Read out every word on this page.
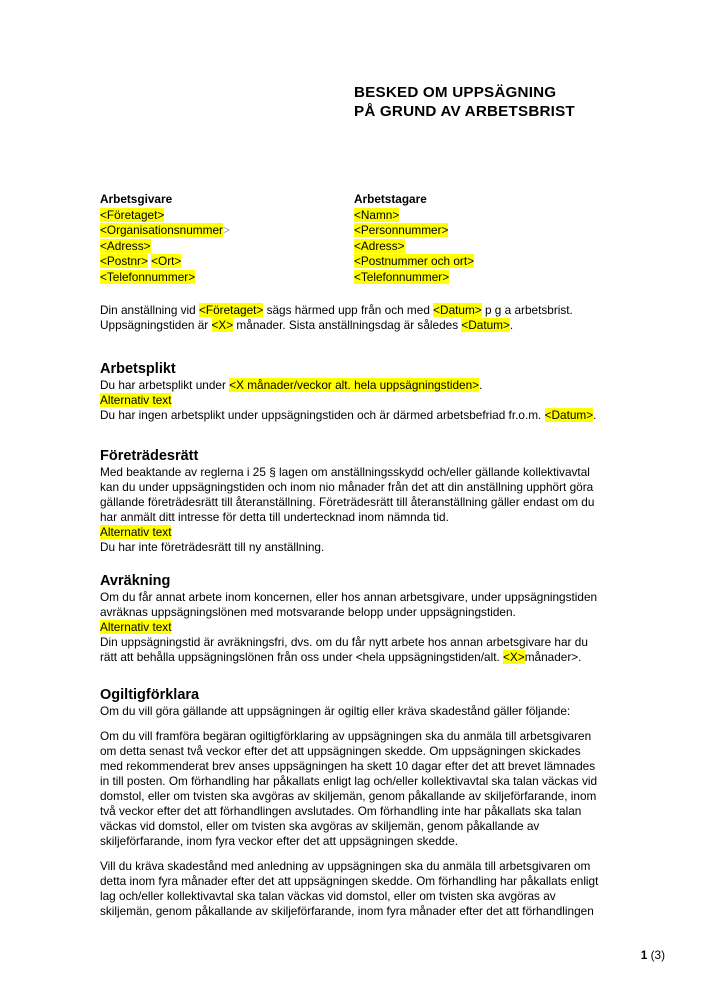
BESKED OM UPPSÄGNING
PÅ GRUND AV ARBETSBRIST
Arbetsgivare
<Företaget>
<Organisationsnummer>
<Adress>
<Postnr> <Ort>
<Telefonnummer>
Arbetstagare
<Namn>
<Personnummer>
<Adress>
<Postnummer och ort>
<Telefonnummer>
Din anställning vid <Företaget> sägs härmed upp från och med <Datum> p g a arbetsbrist.
Uppsägningstiden är <X> månader. Sista anställningsdag är således <Datum>.
Arbetsplikt
Du har arbetsplikt under <X månader/veckor alt. hela uppsägningstiden>.
Alternativ text
Du har ingen arbetsplikt under uppsägningstiden och är därmed arbetsbefriad fr.o.m. <Datum>.
Företrädesrätt
Med beaktande av reglerna i 25 § lagen om anställningsskydd och/eller gällande kollektivavtal
kan du under uppsägningstiden och inom nio månader från det att din anställning upphört göra
gällande företrädesrätt till återanställning. Företrädesrätt till återanställning gäller endast om du
har anmält ditt intresse för detta till undertecknad inom nämnda tid.
Alternativ text
Du har inte företrädesrätt till ny anställning.
Avräkning
Om du får annat arbete inom koncernen, eller hos annan arbetsgivare, under uppsägningstiden
avräknas uppsägningslönen med motsvarande belopp under uppsägningstiden.
Alternativ text
Din uppsägningstid är avräkningsfri, dvs. om du får nytt arbete hos annan arbetsgivare har du
rätt att behålla uppsägningslönen från oss under <hela uppsägningstiden/alt. <X>månader>.
Ogiltigförklara
Om du vill göra gällande att uppsägningen är ogiltig eller kräva skadestånd gäller följande:
Om du vill framföra begäran ogiltigförklaring av uppsägningen ska du anmäla till arbetsgivaren
om detta senast två veckor efter det att uppsägningen skedde. Om uppsägningen skickades
med rekommenderat brev anses uppsägningen ha skett 10 dagar efter det att brevet lämnades
in till posten. Om förhandling har påkallats enligt lag och/eller kollektivavtal ska talan väckas vid
domstol, eller om tvisten ska avgöras av skiljemän, genom påkallande av skiljeförfarande, inom
två veckor efter det att förhandlingen avslutades. Om förhandling inte har påkallats ska talan
väckas vid domstol, eller om tvisten ska avgöras av skiljemän, genom påkallande av
skiljeförfarande, inom fyra veckor efter det att uppsägningen skedde.
Vill du kräva skadestånd med anledning av uppsägningen ska du anmäla till arbetsgivaren om
detta inom fyra månader efter det att uppsägningen skedde. Om förhandling har påkallats enligt
lag och/eller kollektivavtal ska talan väckas vid domstol, eller om tvisten ska avgöras av
skiljemän, genom påkallande av skiljeförfarande, inom fyra månader efter det att förhandlingen
1 (3)
